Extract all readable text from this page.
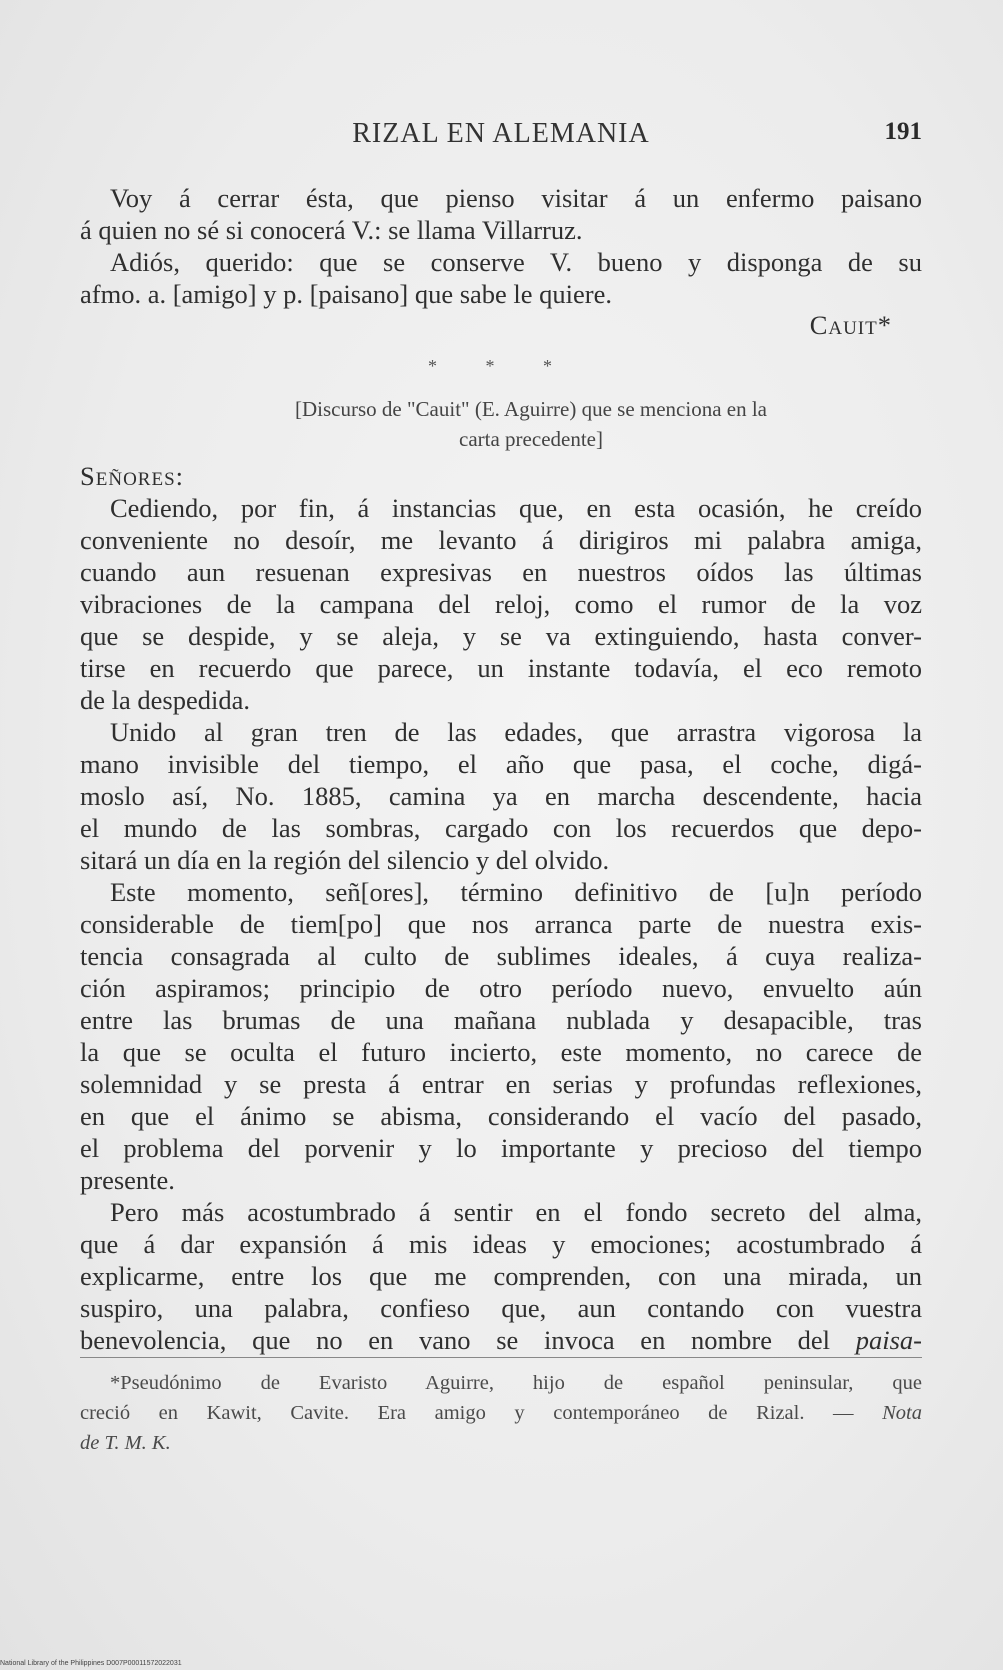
RIZAL EN ALEMANIA	191
Voy á cerrar ésta, que pienso visitar á un enfermo paisano
á quien no sé si conocerá V.: se llama Villarruz.
Adiós, querido: que se conserve V. bueno y disponga de su
afmo. a. [amigo] y p. [paisano] que sabe le quiere.
Cauit*
* * *
[Discurso de "Cauit" (E. Aguirre) que se menciona en la
carta precedente]
Señores:
Cediendo, por fin, á instancias que, en esta ocasión, he creído
conveniente no desoír, me levanto á dirigiros mi palabra amiga,
cuando aun resuenan expresivas en nuestros oídos las últimas
vibraciones de la campana del reloj, como el rumor de la voz
que se despide, y se aleja, y se va extinguiendo, hasta conver-
tirse en recuerdo que parece, un instante todavía, el eco remoto
de la despedida.
Unido al gran tren de las edades, que arrastra vigorosa la
mano invisible del tiempo, el año que pasa, el coche, digá-
moslo así, No. 1885, camina ya en marcha descendente, hacia
el mundo de las sombras, cargado con los recuerdos que depo-
sitará un día en la región del silencio y del olvido.
Este momento, señ[ores], término definitivo de [u]n período
considerable de tiem[po] que nos arranca parte de nuestra exis-
tencia consagrada al culto de sublimes ideales, á cuya realiza-
ción aspiramos; principio de otro período nuevo, envuelto aún
entre las brumas de una mañana nublada y desapacible, tras
la que se oculta el futuro incierto, este momento, no carece de
solemnidad y se presta á entrar en serias y profundas reflexiones,
en que el ánimo se abisma, considerando el vacío del pasado,
el problema del porvenir y lo importante y precioso del tiempo
presente.
Pero más acostumbrado á sentir en el fondo secreto del alma,
que á dar expansión á mis ideas y emociones; acostumbrado á
explicarme, entre los que me comprenden, con una mirada, un
suspiro, una palabra, confieso que, aun contando con vuestra
benevolencia, que no en vano se invoca en nombre del paisa-
*Pseudónimo de Evaristo Aguirre, hijo de español peninsular, que
creció en Kawit, Cavite. Era amigo y contemporáneo de Rizal. — Nota
de T. M. K.
National Library of the Philippines D007P00011572022031
